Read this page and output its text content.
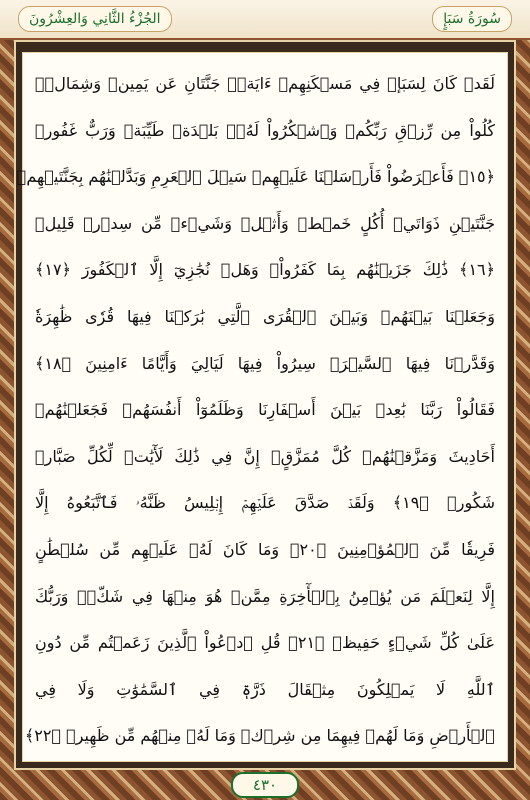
الجُزْءُ الثَّانِي وَالعِشْرُونَ	سُورَةُ سَبَإٍ
لَقَدۡ كَانَ لِسَبَإٖ فِي مَسۡكَنِهِمۡ ءَايَةٞۖ جَنَّتَانِ عَن يَمِينٖ وَشِمَالٖۖ
كُلُواْ مِن رِّزۡقِ رَبِّكُمۡ وَٱشۡكُرُواْ لَهُۥۚ بَلۡدَةٞ طَيِّبَةٞ وَرَبٌّ غَفُورٞ
﴿١٥﴾ فَأَعۡرَضُواْ فَأَرۡسَلۡنَا عَلَيۡهِمۡ سَيۡلَ ٱلۡعَرِمِ وَبَدَّلۡنَٰهُم بِجَنَّتَيۡهِمۡ
جَنَّتَيۡنِ ذَوَاتَيۡ أُكُلٍ خَمۡطٖ وَأَثۡلٖ وَشَيۡءٖ مِّن سِدۡرٖ قَلِيلٖ
﴿١٦﴾ ذَٰلِكَ جَزَيۡنَٰهُم بِمَا كَفَرُواْۖ وَهَلۡ نُجَٰزِيٓ إِلَّا ٱلۡكَفُورَ ﴿١٧﴾
وَجَعَلۡنَا بَيۡنَهُمۡ وَبَيۡنَ ٱلۡقُرَى ٱلَّتِي بَٰرَكۡنَا فِيهَا قُرٗى ظَٰهِرَةٗ
وَقَدَّرۡنَا فِيهَا ٱلسَّيۡرَۖ سِيرُواْ فِيهَا لَيَالِيَ وَأَيَّامًا ءَامِنِينَ ﴿١٨﴾
فَقَالُواْ رَبَّنَا بَٰعِدۡ بَيۡنَ أَسۡفَارِنَا وَظَلَمُوٓاْ أَنفُسَهُمۡ فَجَعَلۡنَٰهُمۡ
أَحَادِيثَ وَمَزَّقۡنَٰهُمۡ كُلَّ مُمَزَّقٍۚ إِنَّ فِي ذَٰلِكَ لَأٓيَٰتٖ لِّكُلِّ صَبَّارٖ
شَكُورٖ ﴿١٩﴾ وَلَقَدۡ صَدَّقَ عَلَيۡهِمۡ إِبۡلِيسُ ظَنَّهُۥ فَٱتَّبَعُوهُ إِلَّا
فَرِيقٗا مِّنَ ٱلۡمُؤۡمِنِينَ ﴿٢٠﴾ وَمَا كَانَ لَهُۥ عَلَيۡهِم مِّن سُلۡطَٰنٍ
إِلَّا لِنَعۡلَمَ مَن يُؤۡمِنُ بِٱلۡأٓخِرَةِ مِمَّنۡ هُوَ مِنۡهَا فِي شَكّٖۗ وَرَبُّكَ
عَلَىٰ كُلِّ شَيۡءٍ حَفِيظٞ ﴿٢١﴾ قُلِ ٱدۡعُواْ ٱلَّذِينَ زَعَمۡتُم مِّن دُونِ
ٱللَّهِ لَا يَمۡلِكُونَ مِثۡقَالَ ذَرَّةٖ فِي ٱلسَّمَٰوَٰتِ وَلَا فِي
ٱلۡأَرۡضِ وَمَا لَهُمۡ فِيهِمَا مِن شِرۡكٖ وَمَا لَهُۥ مِنۡهُم مِّن ظَهِيرٖ ﴿٢٢﴾
٤٣٠
